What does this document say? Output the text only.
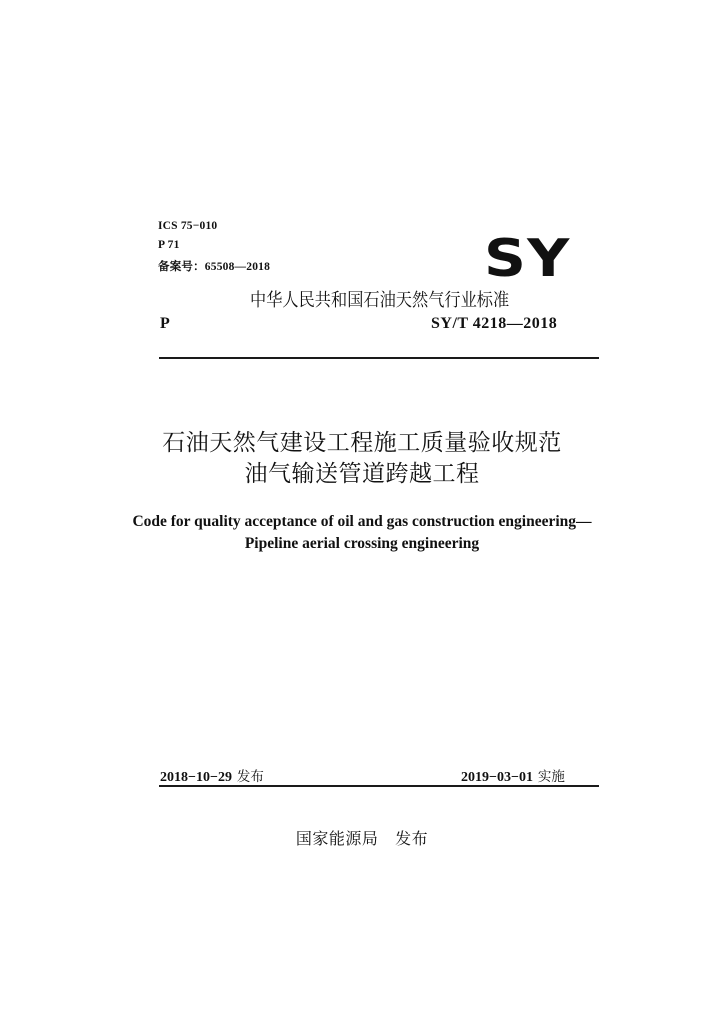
ICS 75−010
P 71
备案号：65508—2018	SY
中华人民共和国石油天然气行业标准
P	SY/T 4218—2018
石油天然气建设工程施工质量验收规范
油气输送管道跨越工程
Code for quality acceptance of oil and gas construction engineering—
Pipeline aerial crossing engineering
2018−10−29 发布	2019−03−01 实施
国家能源局   发布
